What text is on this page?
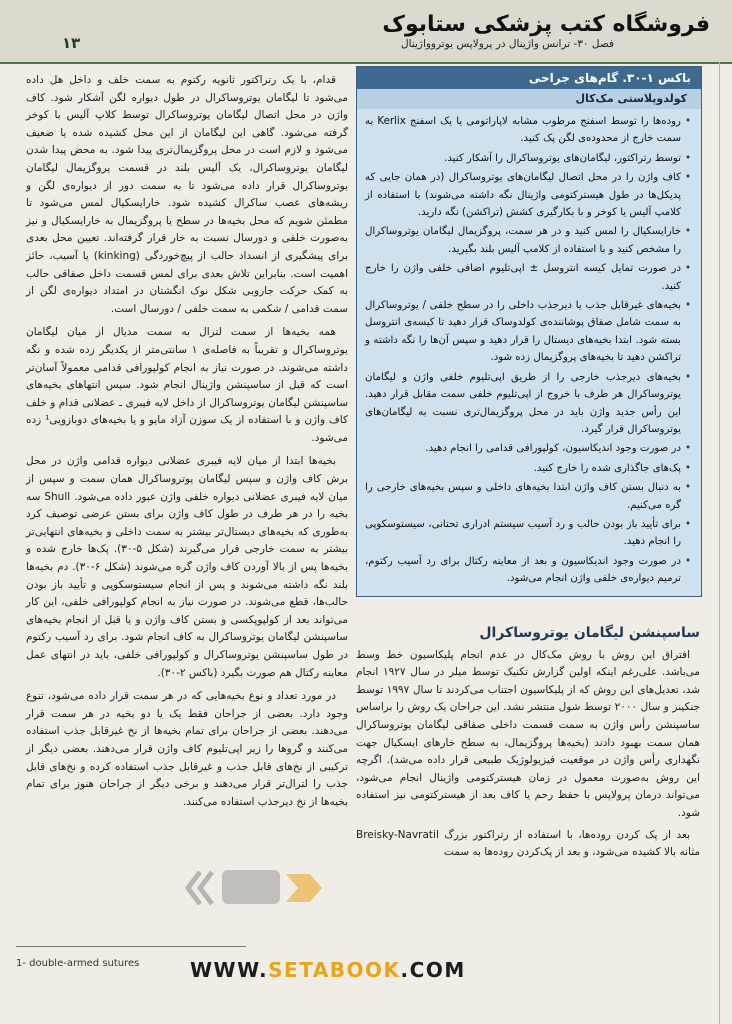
۱۳	فصل ۳۰- ترانس واژینال در پرولاپس یوتروواژینال
فروشگاه کتب پزشکی ستابوک

قدام، با یک رتراکتور ثانویه رکتوم به سمت خلف و داخل هل داده می‌شود تا لیگامان یوتروساکرال در طول دیواره لگن آشکار شود. کاف واژن در محل اتصال لیگامان یوتروساکرال توسط کلاپ آلیس با کوخر گرفته می‌شود. گاهی این لیگامان از این محل کشیده شده یا ضعیف می‌شود و لازم است در محل پروگزیمال‌تری پیدا شود. به محض پیدا شدن لیگامان یوتروساکرال، یک آلیس بلند در قسمت پروگزیمال لیگامان یوتروساکرال قرار داده می‌شود تا به سمت دور از دیواره‌ی لگن و ریشه‌های عصب ساکرال کشیده شود. خارایسکیال لمس می‌شود تا مطمئن شویم که محل بخیه‌ها در سطح یا پروگزیمال به خارایسکیال و نیز به‌صورت خلفی و دورسال نسبت به خار قرار گرفته‌اند. تعیین محل بعدی برای پیشگیری از انسداد حالب از پیچ‌خوردگی (kinking) یا آسیب، حائز اهمیت است. بنابراین تلاش بعدی برای لمس قسمت داخل صفاقی حالب به کمک حرکت جاروبی شکل نوک انگشتان در امتداد دیواره‌ی لگن از سمت قدامی / شکمی به سمت خلفی / دورسال است.

همه بخیه‌ها از سمت لترال به سمت مدیال از میان لیگامان یوتروساکرال و تقریباً به فاصله‌ی ۱ سانتی‌متر از یکدیگر زده شده و نگه داشته می‌شوند. در صورت نیاز به انجام کولپورافی قدامی معمولاً آسان‌تر است که قبل از ساسپنشن واژینال انجام شود. سپس انتهاهای بخیه‌های ساسپنشن لیگامان یوتروساکرال از داخل لایه فیبری ـ عضلانی قدام و خلف کاف واژن و با استفاده از یک سوزن آزاد مایو و یا بخیه‌های دوبازویی¹ زده می‌شود.

بخیه‌ها ابتدا از میان لایه فیبری عضلانی دیواره قدامی واژن در محل برش کاف واژن و سپس لیگامان یوتروساکرال همان سمت و سپس از میان لایه فیبری عضلانی دیواره خلفی واژن عبور داده می‌شود. Shull سه بخیه را در هر طرف در طول کاف واژن برای بستن عرضی توصیف کرد به‌طوری که بخیه‌های دیستال‌تر بیشتر به سمت داخلی و بخیه‌های انتهایی‌تر بیشتر به سمت خارجی قرار می‌گیرند (شکل ۵-۳۰). پک‌ها خارج شده و بخیه‌ها پس از بالا آوردن کاف واژن گره می‌شوند (شکل ۶-۳۰). دم بخیه‌ها بلند نگه داشته می‌شوند و پس از انجام سیستوسکوپی و تأیید باز بودن حالب‌ها، قطع می‌شوند. در صورت نیاز به انجام کولپورافی خلفی، این کار می‌تواند بعد از کولپوپکسی و بستن کاف واژن و یا قبل از انجام بخیه‌های ساسپنشن لیگامان یوتروساکرال به کاف انجام شود. برای رد آسیب رکتوم در طول ساسپنشن یوتروساکرال و کولپورافی خلفی، باید در انتهای عمل معاینه رکتال هم صورت بگیرد (باکس ۲-۳۰).

در مورد تعداد و نوع بخیه‌هایی که در هر سمت قرار داده می‌شود، تنوع وجود دارد. بعضی از جراحان فقط یک یا دو بخیه در هر سمت قرار می‌دهند. بعضی از جراحان برای تمام بخیه‌ها از نخ غیرقابل جذب استفاده می‌کنند و گروها را زیر اپی‌تلیوم کاف واژن قرار می‌دهند. بعضی دیگر از ترکیبی از نخ‌های قابل جذب و غیرقابل جذب استفاده کرده و نخ‌های قابل جذب را لترال‌تر قرار می‌دهند و برخی دیگر از جراحان هنوز برای تمام بخیه‌ها از نخ دیرجذب استفاده می‌کنند.

باکس ۱-۳۰. گام‌های جراحی
کولدوپلاستی مک‌کال
• روده‌ها را توسط اسفنج مرطوب مشابه لاپاراتومی یا یک اسفنج Kerlix به سمت خارج از محدوده‌ی لگن پک کنید.
• توسط رتراکتور، لیگامان‌های یوتروساکرال را آشکار کنید.
• کاف واژن را در محل اتصال لیگامان‌های یوتروساکرال (در همان جایی که پدیکل‌ها در طول هیسترکتومی واژینال نگه داشته می‌شوند) با استفاده از کلامپ آلیس یا کوخر و با بکارگیری کشش (تراکشن) نگه دارید.
• خارایسکیال را لمس کنید و در هر سمت، پروگزیمال لیگامان یوتروساکرال را مشخص کنید و با استفاده از کلامپ آلیس بلند بگیرید.
• در صورت تمایل کیسه انتروسل ± اپی‌تلیوم اضافی خلفی واژن را خارج کنید.
• بخیه‌های غیرقابل جذب یا دیرجذب داخلی را در سطح خلفی / یوتروساکرال به سمت شامل صفاق پوشاننده‌ی کولدوساک قرار دهید تا کیسه‌ی انتروسل بسته شود. ابتدا بخیه‌های دیستال را قرار دهید و سپس آن‌ها را نگه داشته و تراکشن دهید تا بخیه‌های پروگزیمال زده شود.
• بخیه‌های دیرجذب خارجی را از طریق اپی‌تلیوم خلفی واژن و لیگامان یوتروساکرال هر طرف با خروج از اپی‌تلیوم خلفی سمت مقابل قرار دهید. این رأس جدید واژن باید در محل پروگزیمال‌تری نسبت به لیگامان‌های یوتروساکرال قرار گیرد.
• در صورت وجود اندیکاسیون، کولپورافی قدامی را انجام دهید.
• پک‌های جاگذاری شده را خارج کنید.
• به دنبال بستن کاف واژن ابتدا بخیه‌های داخلی و سپس بخیه‌های خارجی را گره می‌کنیم.
• برای تأیید باز بودن حالب و رد آسیب سیستم ادراری تحتانی، سیستوسکوپی را انجام دهید.
• در صورت وجود اندیکاسیون و بعد از معاینه رکتال برای رد آسیب رکتوم، ترمیم دیواره‌ی خلفی واژن انجام می‌شود.
ساسپنشن لیگامان یوتروساکرال

افتراق این روش با روش مک‌کال در عدم انجام پلیکاسیون خط وسط می‌باشد. علی‌رغم اینکه اولین گزارش تکنیک توسط میلر در سال ۱۹۲۷ انجام شد، تعدیل‌های این روش که از پلیکاسیون اجتناب می‌کردند تا سال ۱۹۹۷ توسط جنکینز و سال ۲۰۰۰ توسط شول منتشر نشد. این جراحان یک روش را براساس ساسپنشن رأس واژن به سمت قسمت داخلی صفاقی لیگامان یوتروساکرال همان سمت بهبود دادند (بخیه‌ها پروگزیمال، به سطح خارهای ایسکیال جهت نگهداری رأس واژن در موقعیت فیزیولوژیک طبیعی قرار داده می‌شد). اگرچه این روش به‌صورت معمول در زمان هیسترکتومی واژینال انجام می‌شود، می‌تواند درمان پرولاپس با حفظ رحم یا کاف بعد از هیسترکتومی نیز استفاده شود.

بعد از پک کردن روده‌ها، با استفاده از رتراکتور بزرگ Breisky-Navratil مثانه بالا کشیده می‌شود، و بعد از پک‌کردن روده‌ها به سمت

1- double-armed sutures	WWW.SETABOOK.COM
